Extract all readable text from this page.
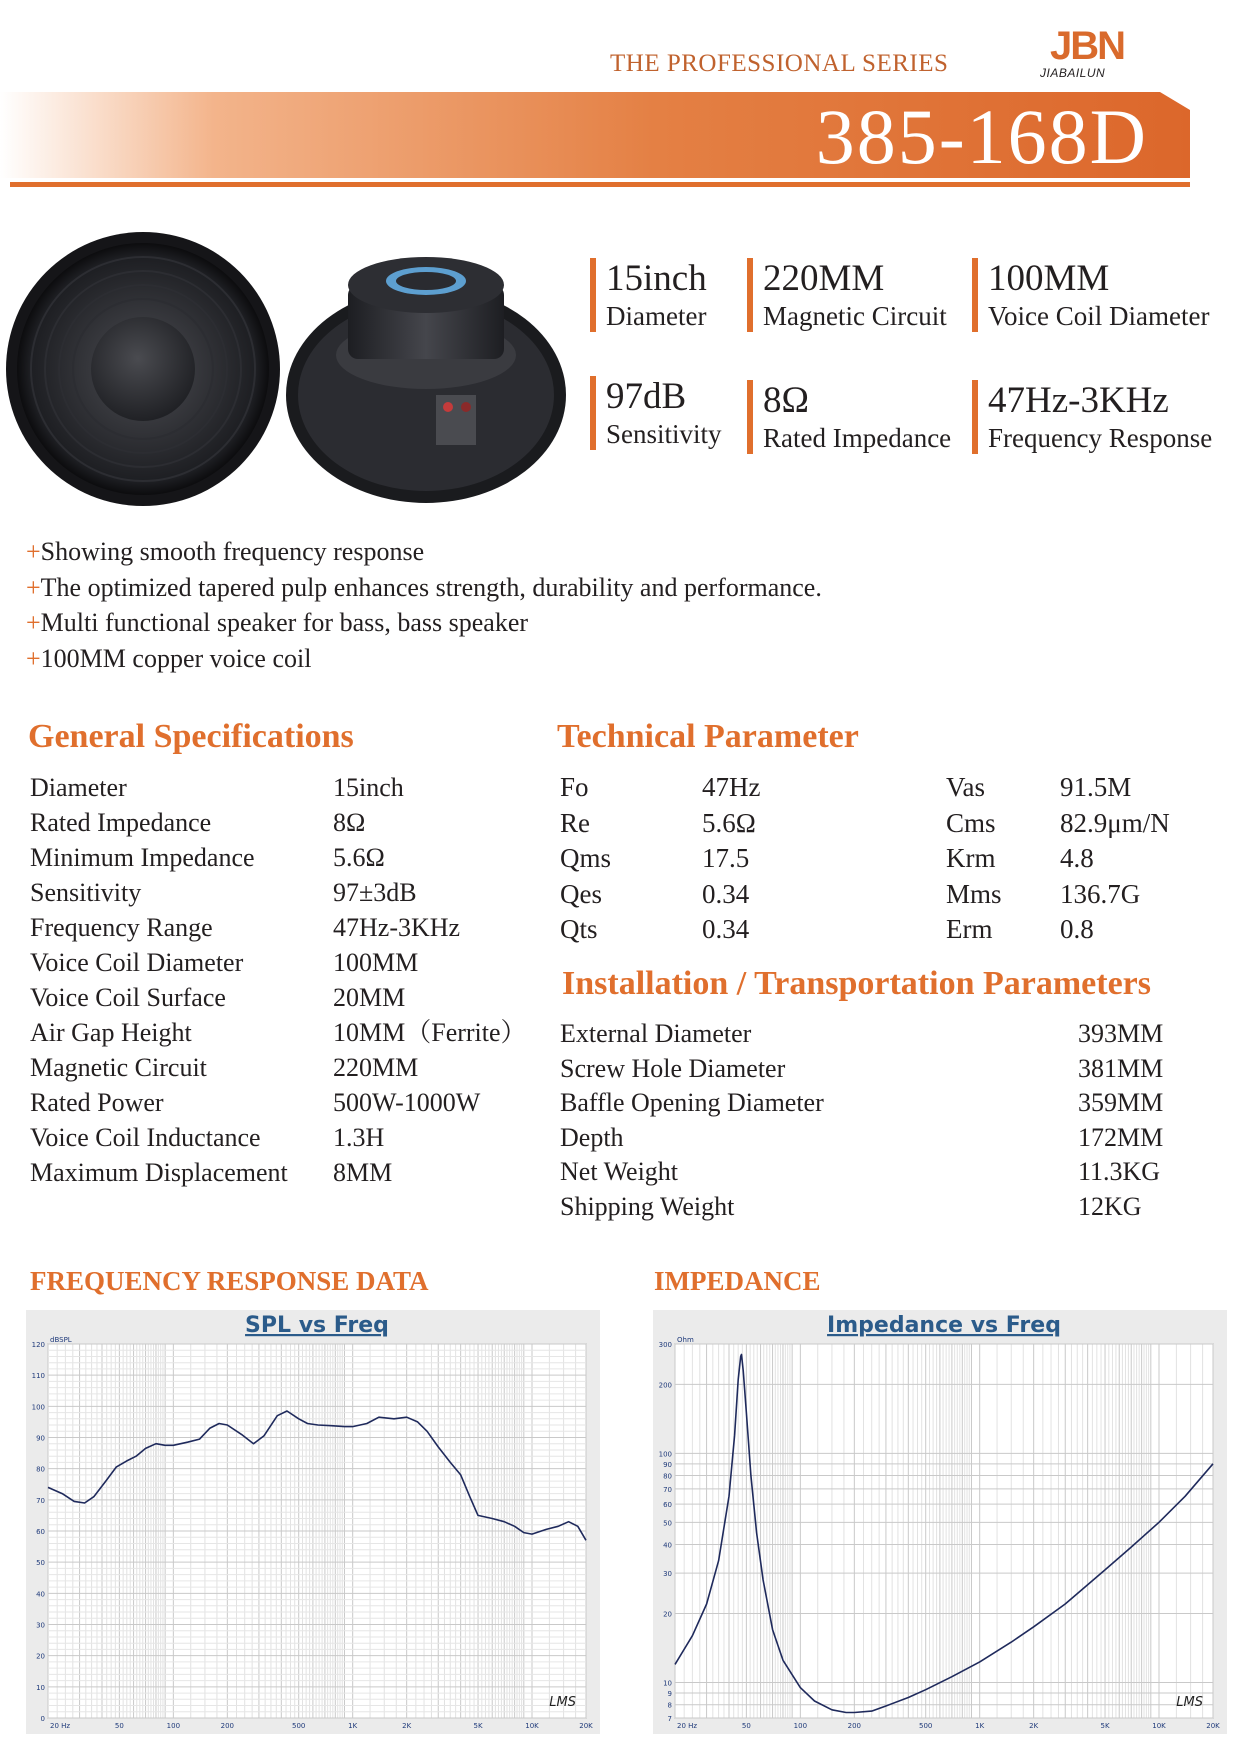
THE PROFESSIONAL SERIES	JBN
JIABAILUN
385-168D
15inch
Diameter
220MM
Magnetic Circuit
100MM
Voice Coil Diameter
97dB
Sensitivity
8Ω
Rated Impedance
47Hz-3KHz
Frequency Response
+Showing smooth frequency response
+The optimized tapered pulp enhances strength, durability and performance.
+Multi functional speaker for bass, bass speaker
+100MM copper voice coil
General Specifications
Diameter	15inch
Rated Impedance	8Ω
Minimum Impedance	5.6Ω
Sensitivity	97±3dB
Frequency Range	47Hz-3KHz
Voice Coil Diameter	100MM
Voice Coil Surface	20MM
Air Gap Height	10MM（Ferrite）
Magnetic Circuit	220MM
Rated Power	500W-1000W
Voice Coil Inductance	1.3H
Maximum Displacement 8MM
Technical Parameter
Fo	47Hz	Vas	91.5M
Re	5.6Ω	Cms 82.9μm/N
Qms	17.5	Krm 4.8
Qes	0.34	Mms 136.7G
Qts	0.34	Erm	0.8
Installation / Transportation Parameters
External Diameter	393MM
Screw Hole Diameter	381MM
Baffle Opening Diameter	359MM
Depth	172MM
Net Weight	11.3KG
Shipping Weight	12KG
FREQUENCY RESPONSE DATA	IMPEDANCE
0
10
20
30
40
50
60
70
80
90
100
110
120
20 Hz	50	100	200	500	1K	2K	5K	10K	20K
dBSPL
SPL vs Freq
LMS
7
8
9
10
20
30
40
50
60
70
80
90
100
200
300
20 Hz	50	100	200	500	1K	2K	5K	10K	20K
Ohm
Impedance vs Freq
LMS
